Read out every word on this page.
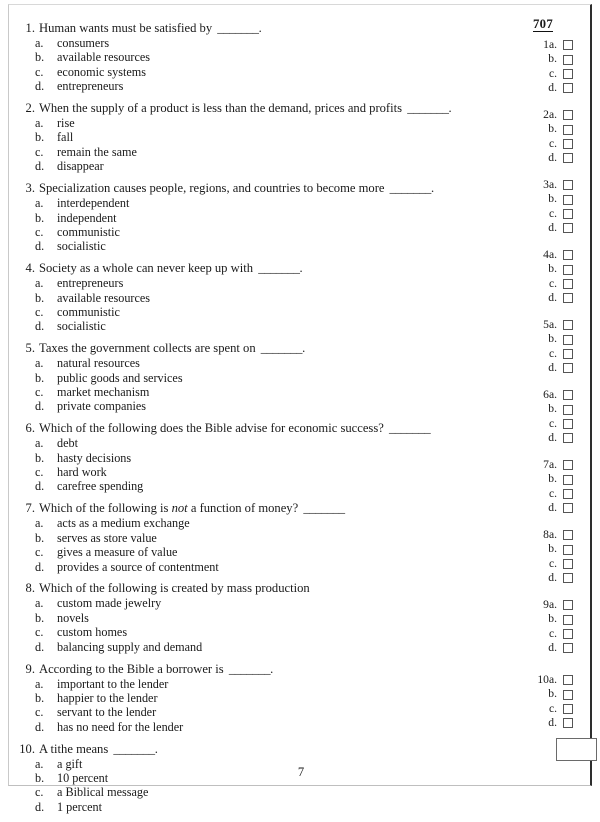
1. Human wants must be satisfied by _______.
a.	consumers
b.	available resources
c.	economic systems
d.	entrepreneurs
2. When the supply of a product is less than the demand, prices and profits _______.
a.	rise
b.	fall
c.	remain the same
d.	disappear
3. Specialization causes people, regions, and countries to become more _______.
a.	interdependent
b.	independent
c.	communistic
d.	socialistic
4. Society as a whole can never keep up with _______.
a.	entrepreneurs
b.	available resources
c.	communistic
d.	socialistic
5. Taxes the government collects are spent on _______.
a.	natural resources
b.	public goods and services
c.	market mechanism
d.	private companies
6. Which of the following does the Bible advise for economic success? _______
a.	debt
b.	hasty decisions
c.	hard work
d.	carefree spending
7. Which of the following is not a function of money? _______
a.	acts as a medium exchange
b.	serves as store value
c.	gives a measure of value
d.	provides a source of contentment
8. Which of the following is created by mass production
a.	custom made jewelry
b.	novels
c.	custom homes
d.	balancing supply and demand
9. According to the Bible a borrower is _______.
a.	important to the lender
b.	happier to the lender
c.	servant to the lender
d.	has no need for the lender
10. A tithe means _______.
a.	a gift
b.	10 percent
c.	a Biblical message
d.	1 percent
707
1a.
b.
c.
d.
2a.
b.
c.
d.
3a.
b.
c.
d.
4a.
b.
c.
d.
5a.
b.
c.
d.
6a.
b.
c.
d.
7a.
b.
c.
d.
8a.
b.
c.
d.
9a.
b.
c.
d.
10a.
b.
c.
d.
7
